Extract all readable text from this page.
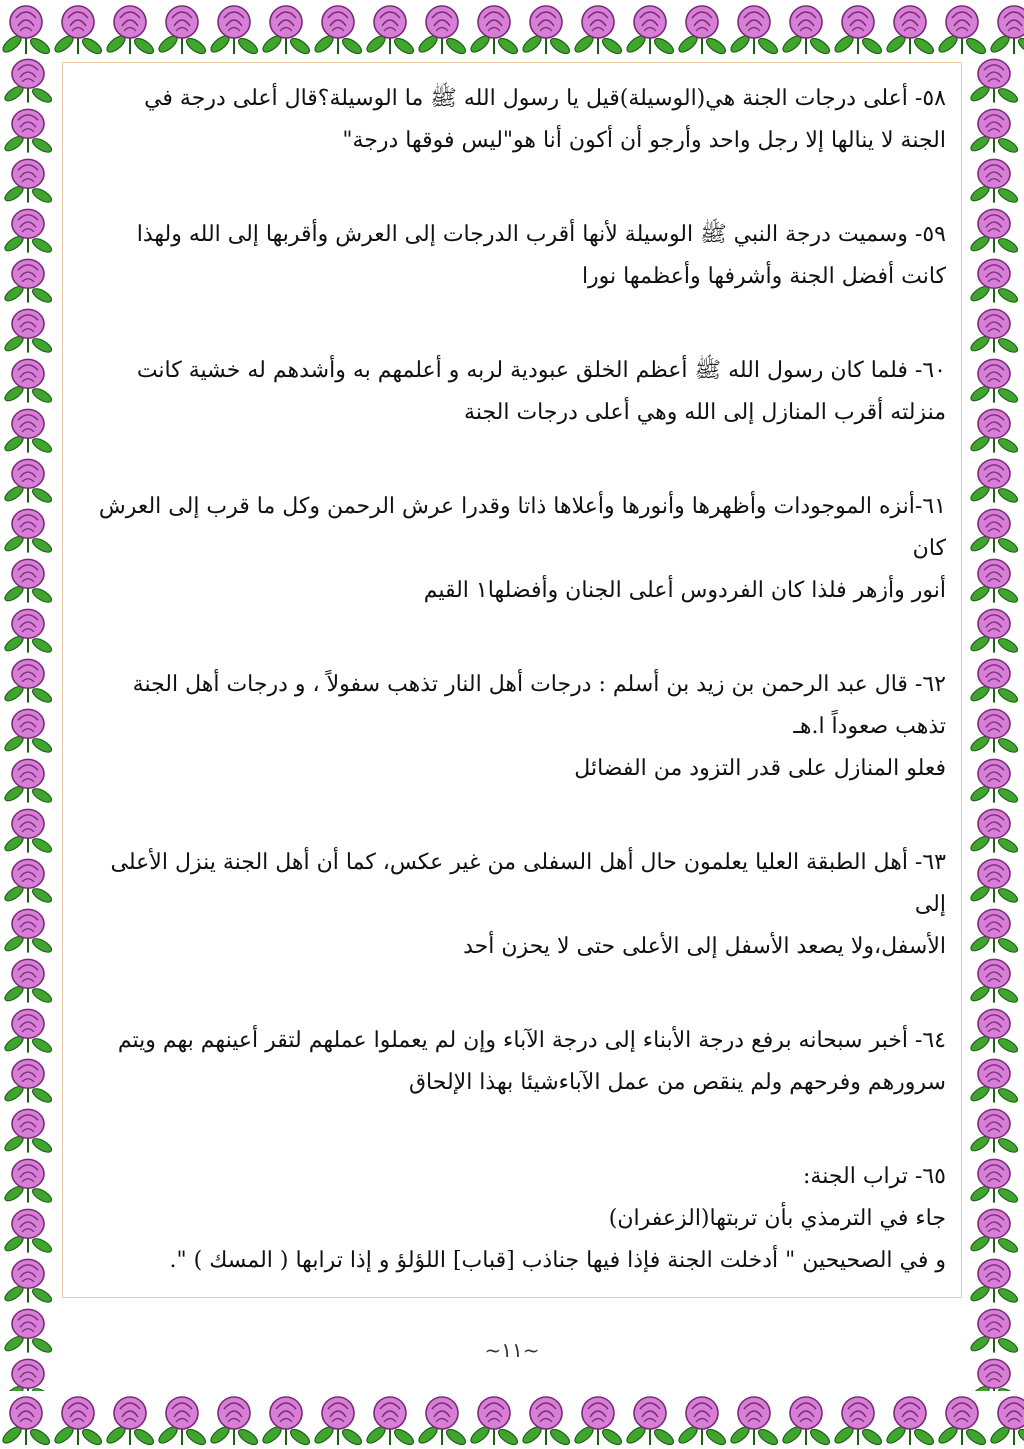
٥٨- أعلى درجات الجنة هي(الوسيلة)قيل يا رسول الله ﷺ ما الوسيلة؟قال أعلى درجة في

الجنة لا ينالها إلا رجل واحد وأرجو أن أكون أنا هو"ليس فوقها درجة"

٥٩- وسميت درجة النبي ﷺ الوسيلة لأنها أقرب الدرجات إلى العرش وأقربها إلى الله ولهذا

كانت أفضل الجنة وأشرفها وأعظمها نورا

٦٠- فلما كان رسول الله ﷺ أعظم الخلق عبودية لربه و أعلمهم به وأشدهم له خشية كانت

منزلته أقرب المنازل إلى الله وهي أعلى درجات الجنة

٦١-أنزه الموجودات وأظهرها وأنورها وأعلاها ذاتا وقدرا عرش الرحمن وكل ما قرب إلى العرش كان

أنور وأزهر فلذا كان الفردوس أعلى الجنان وأفضلها١ القيم

٦٢- قال عبد الرحمن بن زيد بن أسلم : درجات أهل النار تذهب سفولاً ، و درجات أهل الجنة

تذهب صعوداً ا.هـ

فعلو المنازل على قدر التزود من الفضائل

٦٣- أهل الطبقة العليا يعلمون حال أهل السفلى من غير عكس، كما أن أهل الجنة ينزل الأعلى إلى

الأسفل،ولا يصعد الأسفل إلى الأعلى حتى لا يحزن أحد

٦٤- أخبر سبحانه برفع درجة الأبناء إلى درجة الآباء وإن لم يعملوا عملهم لتقر أعينهم بهم ويتم

سرورهم وفرحهم ولم ينقص من عمل الآباءشيئا بهذا الإلحاق

٦٥- تراب الجنة:

جاء في الترمذي بأن تربتها(الزعفران)

و في الصحيحين " أدخلت الجنة فإذا فيها جناذب [قباب] اللؤلؤ و إذا ترابها ( المسك ) ".

~١١~
